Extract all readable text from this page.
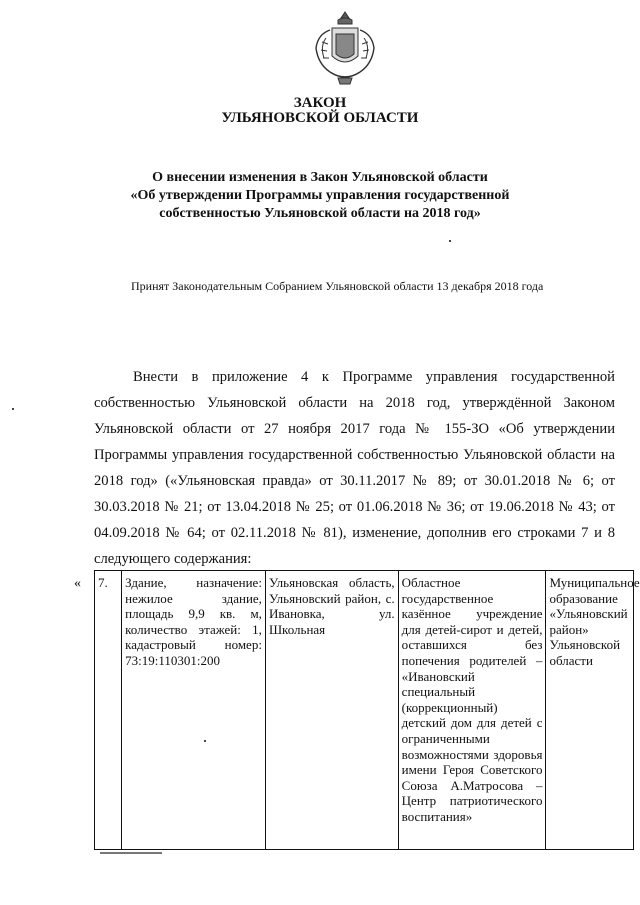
ЗАКОН
УЛЬЯНОВСКОЙ ОБЛАСТИ
О внесении изменения в Закон Ульяновской области
«Об утверждении Программы управления государственной
собственностью Ульяновской области на 2018 год»
Принят Законодательным Собранием Ульяновской области 13 декабря 2018 года
Внести в приложение 4 к Программе управления государственной собственностью Ульяновской области на 2018 год, утверждённой Законом Ульяновской области от 27 ноября 2017 года № 155-ЗО «Об утверждении Программы управления государственной собственностью Ульяновской области на 2018 год» («Ульяновская правда» от 30.11.2017 № 89; от 30.01.2018 № 6; от 30.03.2018 № 21; от 13.04.2018 № 25; от 01.06.2018 № 36; от 19.06.2018 № 43; от 04.09.2018 № 64; от 02.11.2018 № 81), изменение, дополнив его строками 7 и 8 следующего содержания:
« 7.	Здание, назначение: нежилое здание, площадь 9,9 кв. м, количество этажей: 1, кадастровый номер: 73:19:110301:200	Ульяновская область, Ульяновский район, с. Ивановка, ул. Школьная	Областное государственное казённое учреждение для детей-сирот и детей, оставшихся без попечения родителей – «Ивановский специальный (коррекционный) детский дом для детей с ограниченными возможностями здоровья имени Героя Советского Союза А.Матросова – Центр патриотического воспитания»	Муниципальное образование «Ульяновский район» Ульяновской области
